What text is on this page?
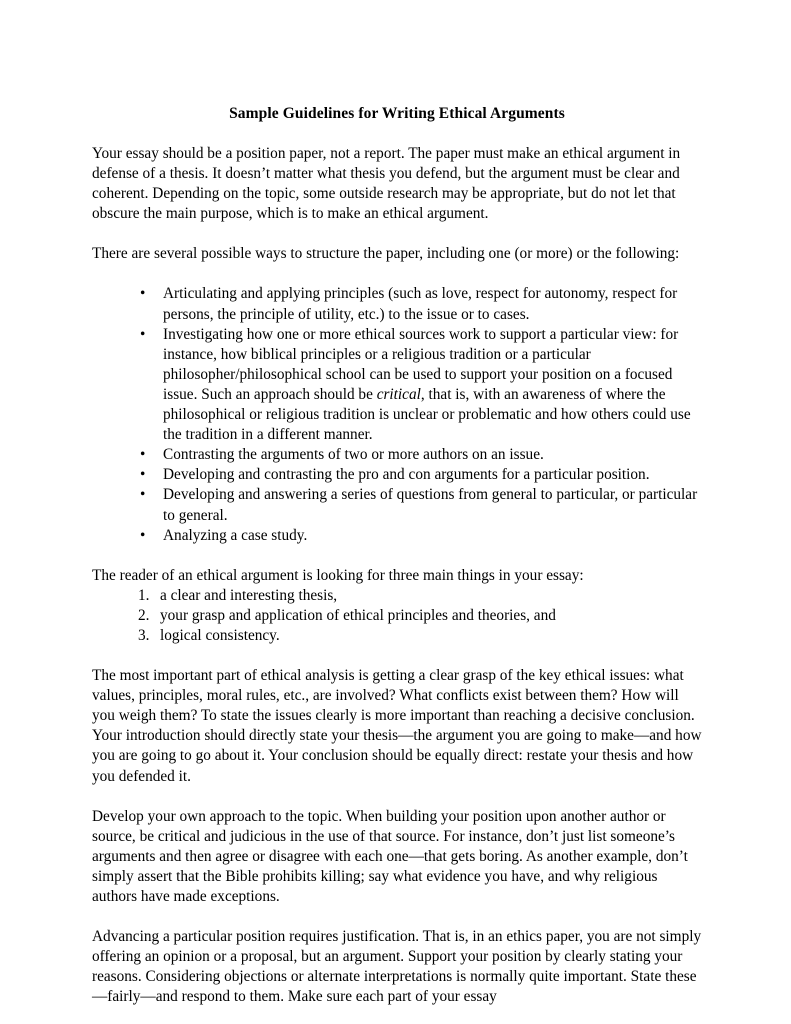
Sample Guidelines for Writing Ethical Arguments

Your essay should be a position paper, not a report. The paper must make an ethical argument in defense of a thesis. It doesn’t matter what thesis you defend, but the argument must be clear and coherent. Depending on the topic, some outside research may be appropriate, but do not let that obscure the main purpose, which is to make an ethical argument.

There are several possible ways to structure the paper, including one (or more) or the following:

• Articulating and applying principles (such as love, respect for autonomy, respect for persons, the principle of utility, etc.) to the issue or to cases.
• Investigating how one or more ethical sources work to support a particular view: for instance, how biblical principles or a religious tradition or a particular philosopher/philosophical school can be used to support your position on a focused issue. Such an approach should be critical, that is, with an awareness of where the philosophical or religious tradition is unclear or problematic and how others could use the tradition in a different manner.
• Contrasting the arguments of two or more authors on an issue.
• Developing and contrasting the pro and con arguments for a particular position.
• Developing and answering a series of questions from general to particular, or particular to general.
• Analyzing a case study.

The reader of an ethical argument is looking for three main things in your essay:

a clear and interesting thesis,
your grasp and application of ethical principles and theories, and
logical consistency.

The most important part of ethical analysis is getting a clear grasp of the key ethical issues: what values, principles, moral rules, etc., are involved? What conflicts exist between them? How will you weigh them? To state the issues clearly is more important than reaching a decisive conclusion. Your introduction should directly state your thesis—the argument you are going to make—and how you are going to go about it. Your conclusion should be equally direct: restate your thesis and how you defended it.

Develop your own approach to the topic. When building your position upon another author or source, be critical and judicious in the use of that source. For instance, don’t just list someone’s arguments and then agree or disagree with each one—that gets boring. As another example, don’t simply assert that the Bible prohibits killing; say what evidence you have, and why religious authors have made exceptions.

Advancing a particular position requires justification. That is, in an ethics paper, you are not simply offering an opinion or a proposal, but an argument. Support your position by clearly stating your reasons. Considering objections or alternate interpretations is normally quite important. State these—fairly—and respond to them. Make sure each part of your essay
